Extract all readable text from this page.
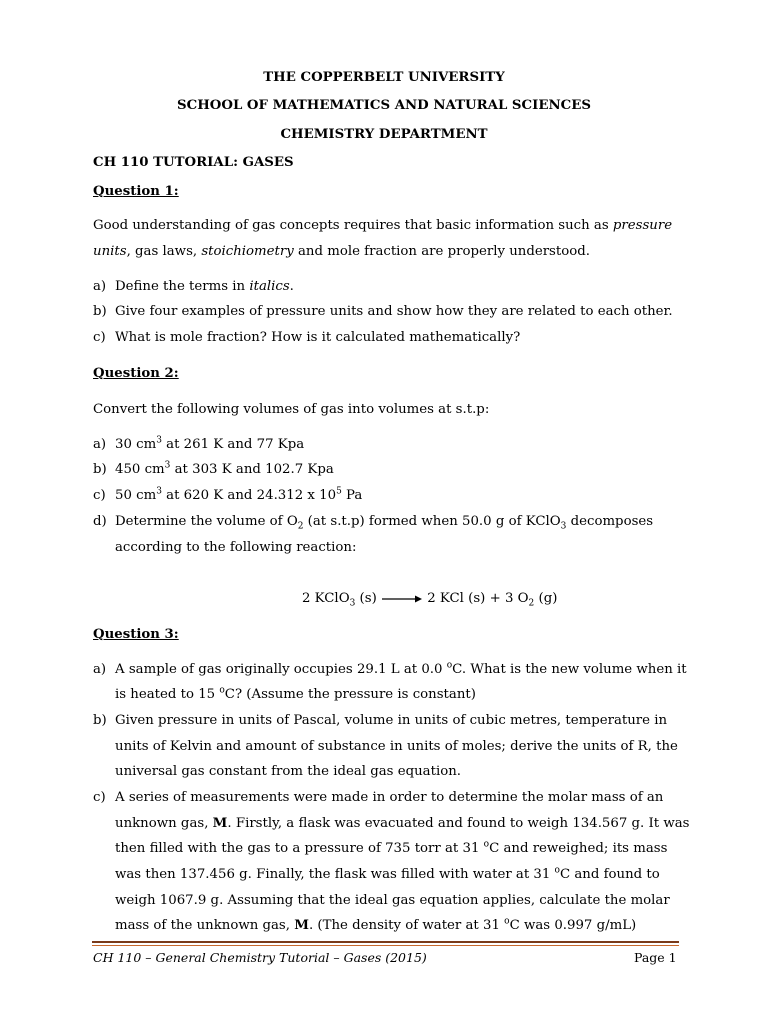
THE COPPERBELT UNIVERSITY
SCHOOL OF MATHEMATICS AND NATURAL SCIENCES
CHEMISTRY DEPARTMENT
CH 110 TUTORIAL: GASES
Question 1:
Good understanding of gas concepts requires that basic information such as pressure
units, gas laws, stoichiometry and mole fraction are properly understood.
a) Define the terms in italics.
b) Give four examples of pressure units and show how they are related to each other.
c) What is mole fraction? How is it calculated mathematically?
Question 2:
Convert the following volumes of gas into volumes at s.t.p:
a) 30 $cm^3$ at 261 K and 77 Kpa
b) 450 $cm^3$ at 303 K and 102.7 Kpa
c) 50 $cm^3$ at 620 K and 24.312 x $10^5$ Pa
d) Determine the volume of $O_2$ (at s.t.p) formed when 50.0 g of KClO$_3$ decomposes
according to the following reaction:
2 KClO$_3$ (s) → 2 KCl (s) + 3 $O_2$ (g)
Question 3:
a) A sample of gas originally occupies 29.1 L at 0.0 $^o$C. What is the new volume when it
is heated to 15 $^o$C? (Assume the pressure is constant)
b) Given pressure in units of Pascal, volume in units of cubic metres, temperature in
units of Kelvin and amount of substance in units of moles; derive the units of R, the
universal gas constant from the ideal gas equation.
c) A series of measurements were made in order to determine the molar mass of an
unknown gas, M. Firstly, a flask was evacuated and found to weigh 134.567 g. It was
then filled with the gas to a pressure of 735 torr at 31 $^o$C and reweighed; its mass
was then 137.456 g. Finally, the flask was filled with water at 31 $^o$C and found to
weigh 1067.9 g. Assuming that the ideal gas equation applies, calculate the molar
mass of the unknown gas, M. (The density of water at 31 $^o$C was 0.997 g/mL)
CH 110 – General Chemistry Tutorial – Gases (2015)	Page 1
